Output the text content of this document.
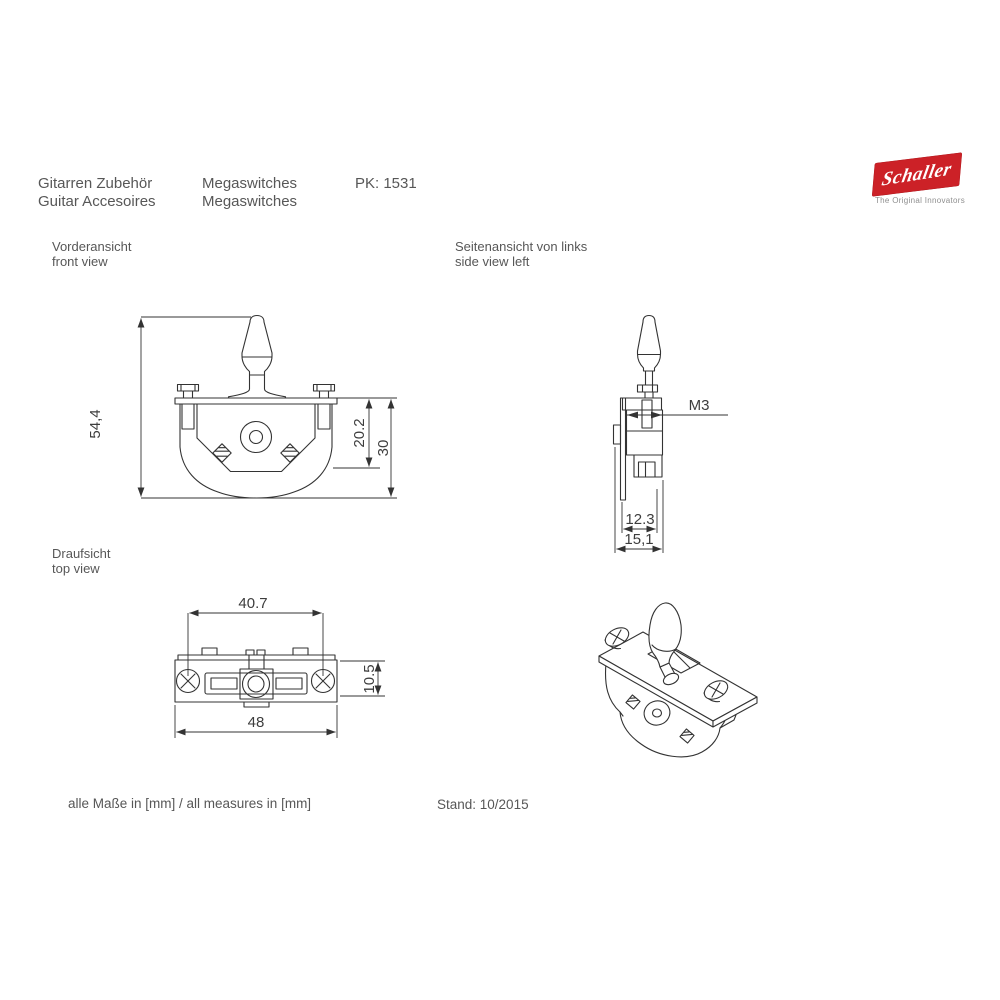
Gitarren Zubehör
Guitar Accesoires
Megaswitches
Megaswitches
PK: 1531	Schaller
The Original Innovators
Vorderansicht
front view
Seitenansicht von links
side view left
Draufsicht
top view
alle Maße in [mm] / all measures in [mm]	Stand: 10/2015
54,4	20.2
30
M3
12.3
15,1
40.7
10.5
48
